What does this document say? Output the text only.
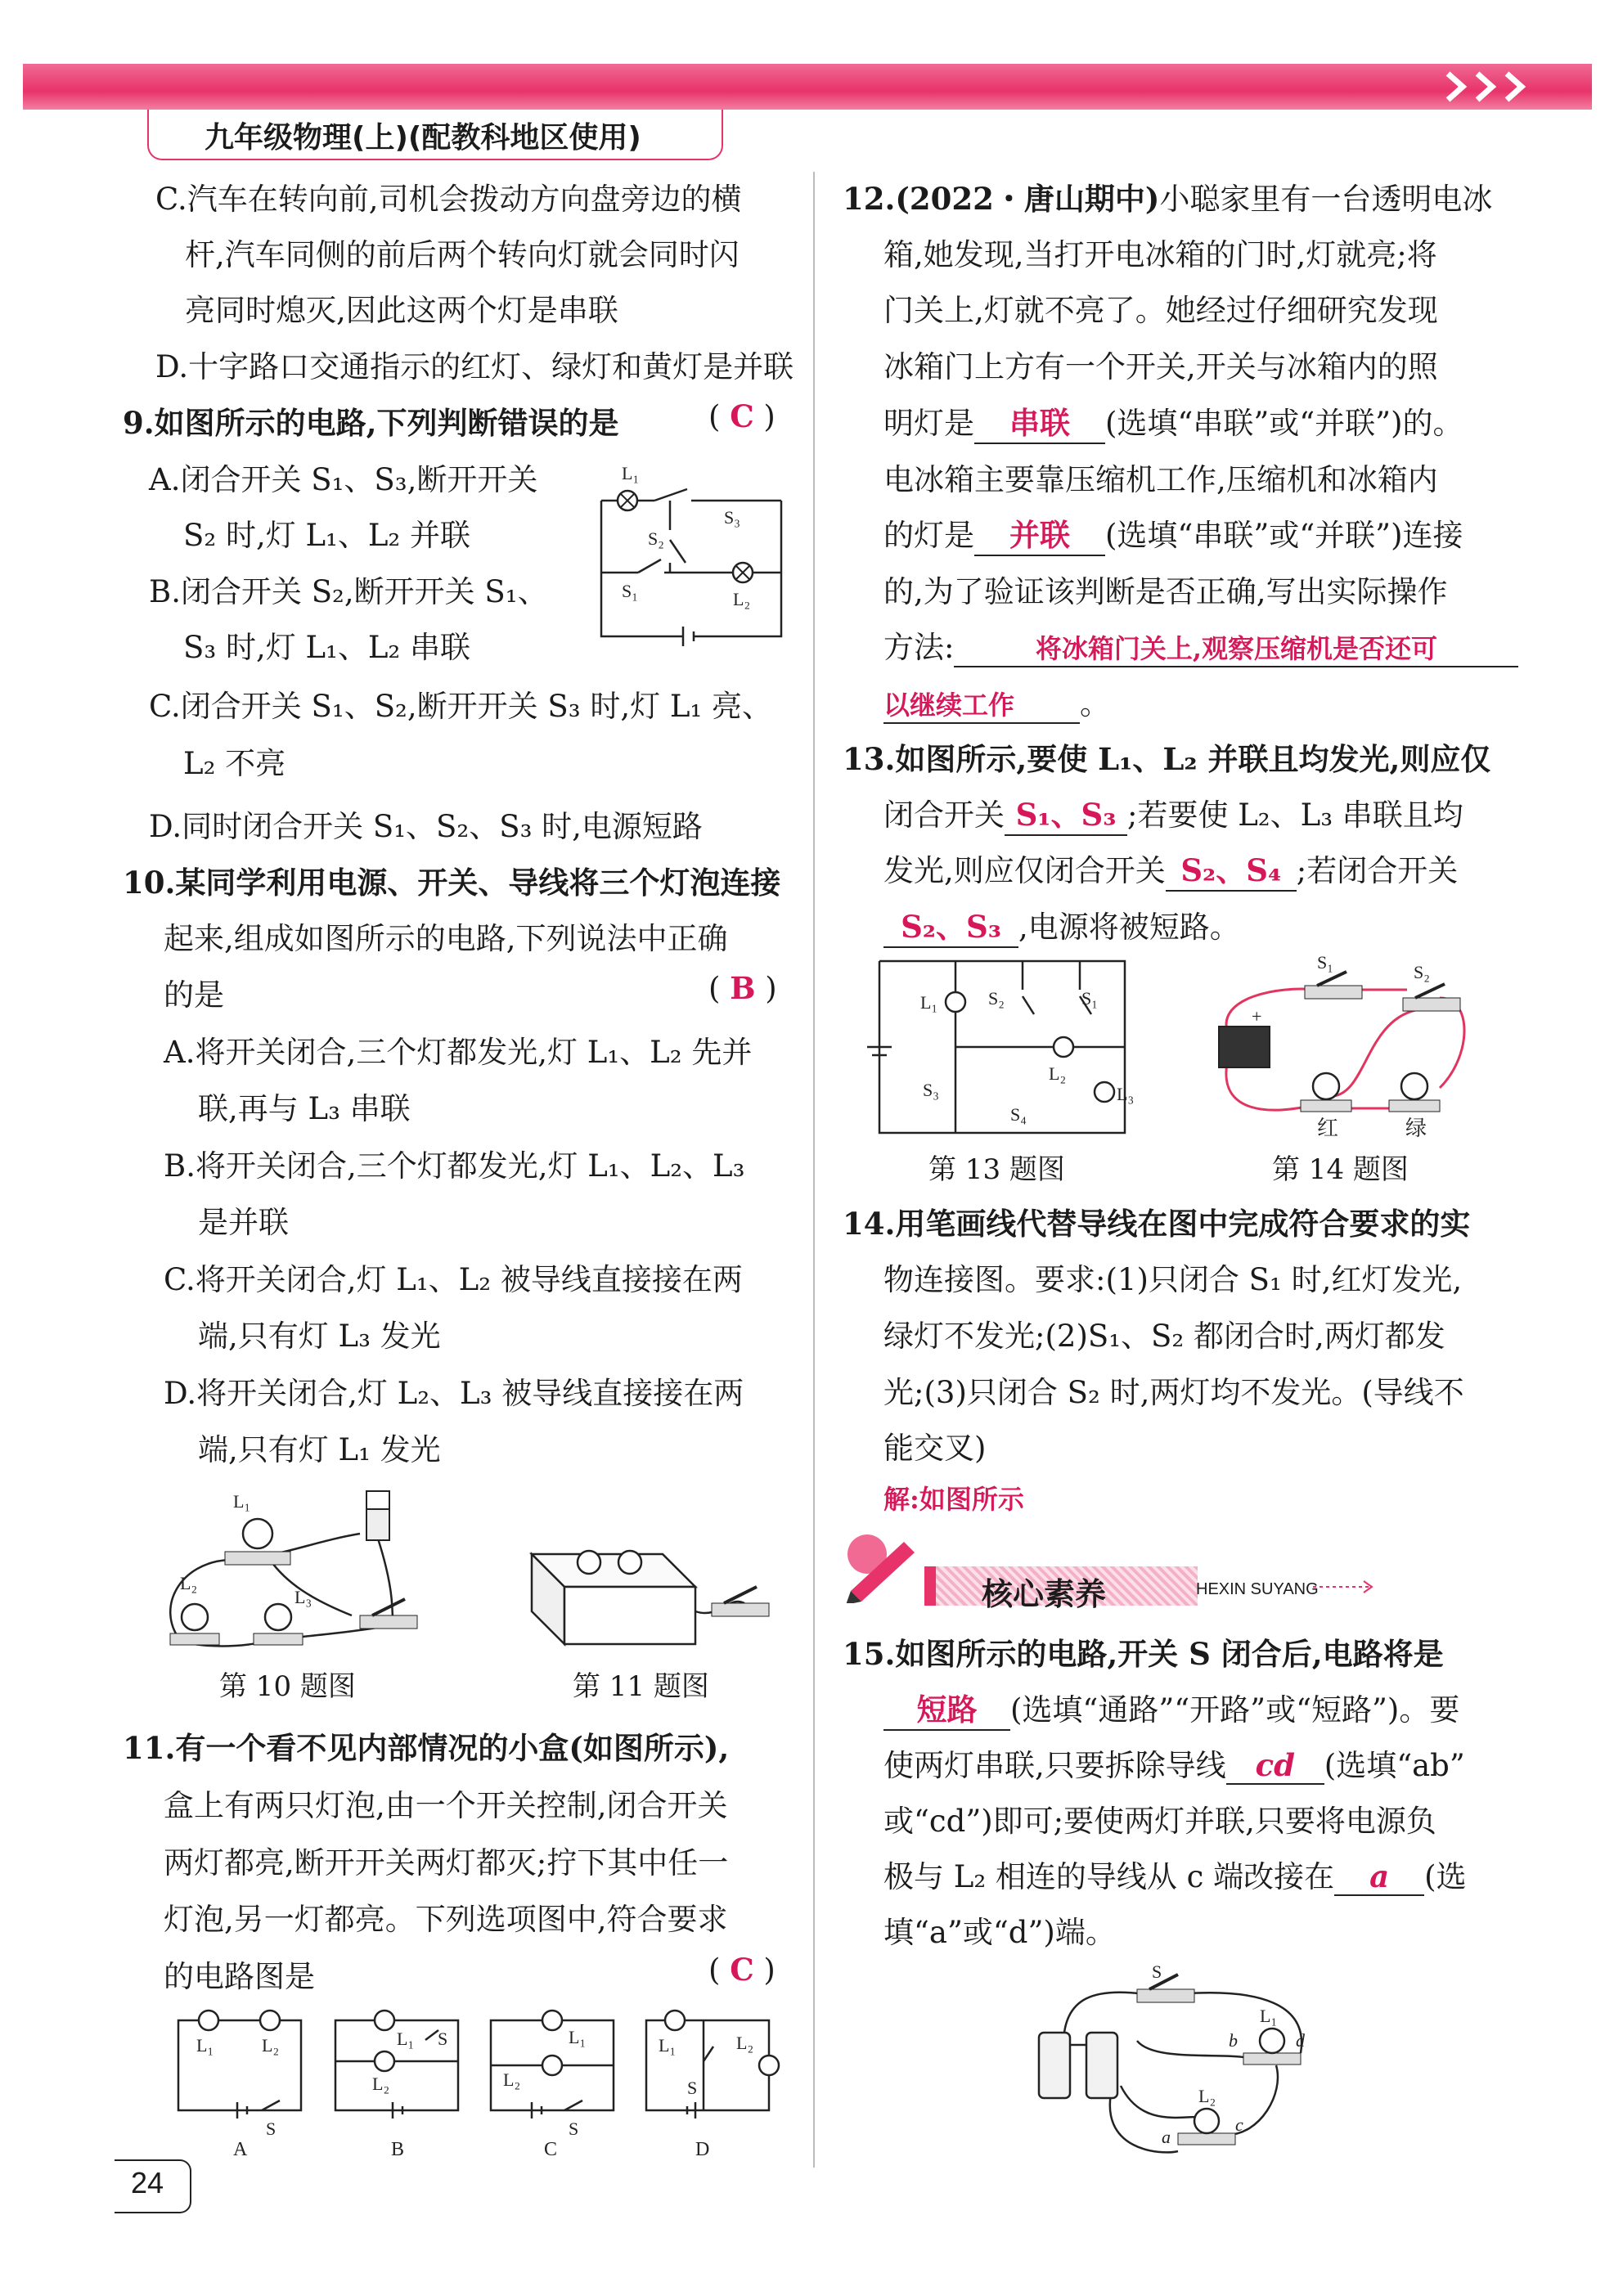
九年级物理(上)(配教科地区使用)
C.汽车在转向前,司机会拨动方向盘旁边的横
杆,汽车同侧的前后两个转向灯就会同时闪
亮同时熄灭,因此这两个灯是串联
D.十字路口交通指示的红灯、绿灯和黄灯是并联
9.如图所示的电路,下列判断错误的是	( C )
A.闭合开关 S₁、S₃,断开开关
S₂ 时,灯 L₁、L₂ 并联
B.闭合开关 S₂,断开开关 S₁、
S₃ 时,灯 L₁、L₂ 串联
C.闭合开关 S₁、S₂,断开开关 S₃ 时,灯 L₁ 亮、
L₂ 不亮
D.同时闭合开关 S₁、S₂、S₃ 时,电源短路
L₁
S₂
S₃
S₁	L₂
10.某同学利用电源、开关、导线将三个灯泡连接
起来,组成如图所示的电路,下列说法中正确
的是	( B )
A.将开关闭合,三个灯都发光,灯 L₁、L₂ 先并
联,再与 L₃ 串联
B.将开关闭合,三个灯都发光,灯 L₁、L₂、L₃
是并联
C.将开关闭合,灯 L₁、L₂ 被导线直接接在两
端,只有灯 L₃ 发光
D.将开关闭合,灯 L₂、L₃ 被导线直接接在两
端,只有灯 L₁ 发光
L₁
L₂
L₃
第 10 题图	第 11 题图
11.有一个看不见内部情况的小盒(如图所示),
盒上有两只灯泡,由一个开关控制,闭合开关
两灯都亮,断开开关两灯都灭;拧下其中任一
灯泡,另一灯都亮。下列选项图中,符合要求
的电路图是	( C )
L₁	L₂
S
L₁
L₂
S	L₁
L₂
S
L₁
S
L₂
A	B	C	D
24
12.(2022・唐山期中)小聪家里有一台透明电冰
箱,她发现,当打开电冰箱的门时,灯就亮;将
门关上,灯就不亮了。她经过仔细研究发现
冰箱门上方有一个开关,开关与冰箱内的照
明灯是 串联 (选填“串联”或“并联”)的。
电冰箱主要靠压缩机工作,压缩机和冰箱内
的灯是 并联 (选填“串联”或“并联”)连接
的,为了验证该判断是否正确,写出实际操作
方法:	将冰箱门关上,观察压缩机是否还可
以继续工作 。
13.如图所示,要使 L₁、L₂ 并联且均发光,则应仅
闭合开关 S₁、S₃ ;若要使 L₂、L₃ 串联且均
发光,则应仅闭合开关 S₂、S₄ ;若闭合开关
S₂、S₃ ,电源将被短路。
L₁	S₂	S₁
S₃
L₂
L₃
S₄
S₁	S₂
+
红	绿
第 13 题图	第 14 题图
14.用笔画线代替导线在图中完成符合要求的实
物连接图。要求:(1)只闭合 S₁ 时,红灯发光,
绿灯不发光;(2)S₁、S₂ 都闭合时,两灯都发
光;(3)只闭合 S₂ 时,两灯均不发光。(导线不
能交叉)
解:如图所示
核心素养	HEXIN SUYANG
15.如图所示的电路,开关 S 闭合后,电路将是
短路 (选填“通路”“开路”或“短路”)。要
使两灯串联,只要拆除导线 cd (选填“ab”
或“cd”)即可;要使两灯并联,只要将电源负
极与 L₂ 相连的导线从 c 端改接在 a (选
填“a”或“d”)端。
S
L₁
b	d
L₂
a
c
